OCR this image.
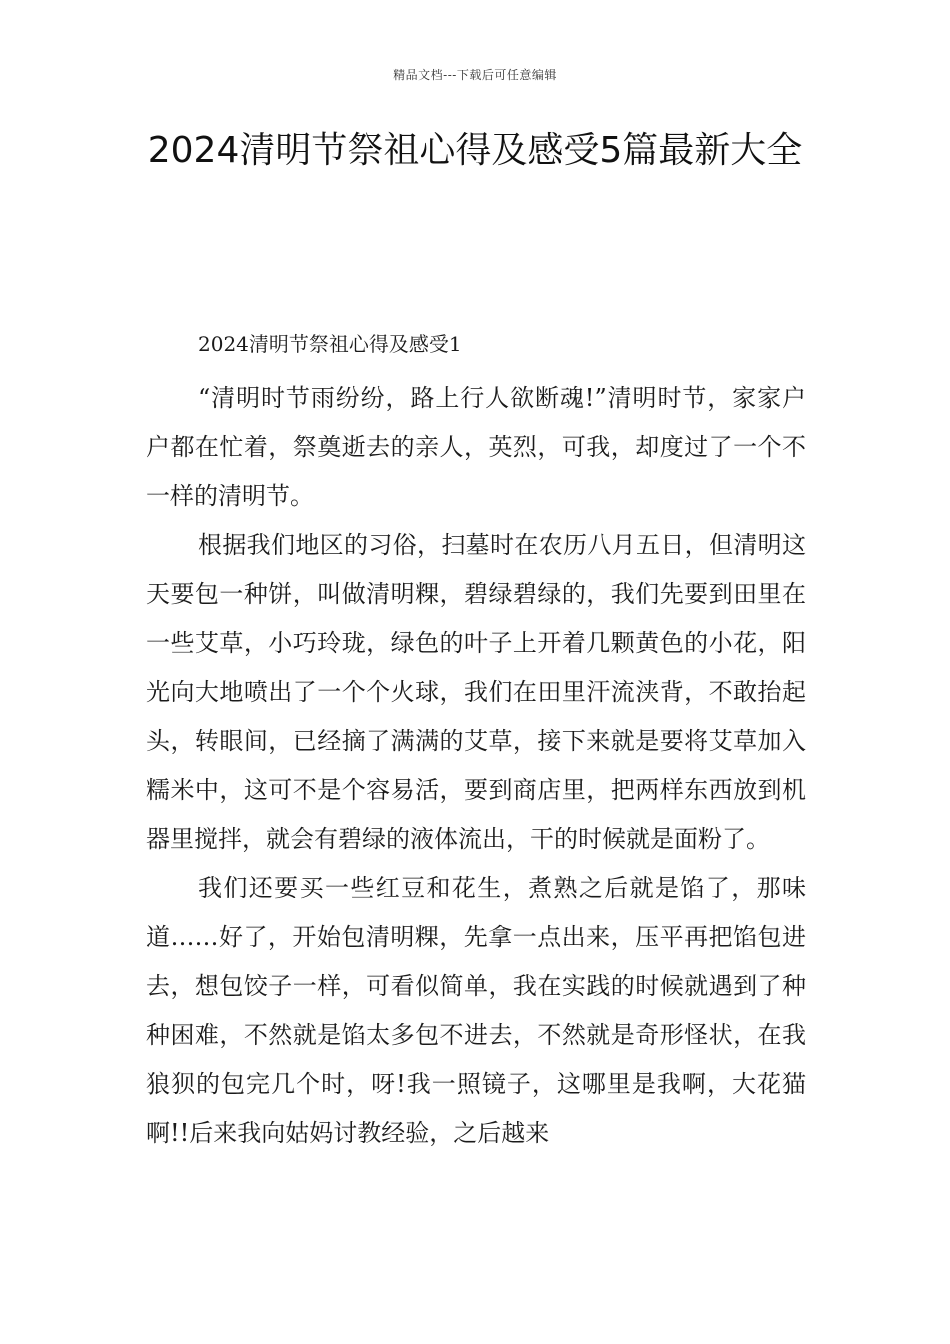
精品文档---下载后可任意编辑
2024清明节祭祖心得及感受5篇最新大全
2024清明节祭祖心得及感受1

“清明时节雨纷纷，路上行人欲断魂!”清明时节，家家户户都在忙着，祭奠逝去的亲人，英烈，可我，却度过了一个不一样的清明节。

根据我们地区的习俗，扫墓时在农历八月五日，但清明这天要包一种饼，叫做清明粿，碧绿碧绿的，我们先要到田里在一些艾草，小巧玲珑，绿色的叶子上开着几颗黄色的小花，阳光向大地喷出了一个个火球，我们在田里汗流浃背，不敢抬起头，转眼间，已经摘了满满的艾草，接下来就是要将艾草加入糯米中，这可不是个容易活，要到商店里，把两样东西放到机器里搅拌，就会有碧绿的液体流出，干的时候就是面粉了。

我们还要买一些红豆和花生，煮熟之后就是馅了，那味道……好了，开始包清明粿，先拿一点出来，压平再把馅包进去，想包饺子一样，可看似简单，我在实践的时候就遇到了种种困难，不然就是馅太多包不进去，不然就是奇形怪状，在我狼狈的包完几个时，呀!我一照镜子，这哪里是我啊，大花猫啊!!后来我向姑妈讨教经验，之后越来
